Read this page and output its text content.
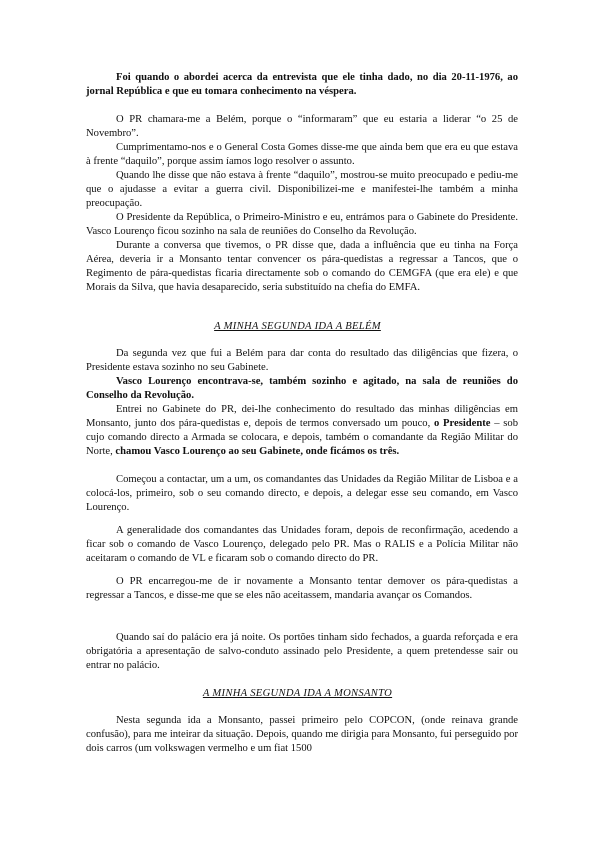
Foi quando o abordei acerca da entrevista que ele tinha dado, no dia 20-11-1976, ao jornal República e que eu tomara conhecimento na véspera.

O PR chamara-me a Belém, porque o “informaram” que eu estaria a liderar “o 25 de Novembro”.

Cumprimentamo-nos e o General Costa Gomes disse-me que ainda bem que era eu que estava à frente “daquilo”, porque assim íamos logo resolver o assunto.

Quando lhe disse que não estava à frente “daquilo”, mostrou-se muito preocupado e pediu-me que o ajudasse a evitar a guerra civil. Disponibilizei-me e manifestei-lhe também a minha preocupação.

O Presidente da República, o Primeiro-Ministro e eu, entrámos para o Gabinete do Presidente. Vasco Lourenço ficou sozinho na sala de reuniões do Conselho da Revolução.

Durante a conversa que tivemos, o PR disse que, dada a influência que eu tinha na Força Aérea, deveria ir a Monsanto tentar convencer os pára-quedistas a regressar a Tancos, que o Regimento de pára-quedistas ficaria directamente sob o comando do CEMGFA (que era ele) e que Morais da Silva, que havia desaparecido, seria substituído na chefia do EMFA.

A MINHA SEGUNDA IDA A BELÉM

Da segunda vez que fui a Belém para dar conta do resultado das diligências que fizera, o Presidente estava sozinho no seu Gabinete.

Vasco Lourenço encontrava-se, também sozinho e agitado, na sala de reuniões do Conselho da Revolução.

Entrei no Gabinete do PR, dei-lhe conhecimento do resultado das minhas diligências em Monsanto, junto dos pára-quedistas e, depois de termos conversado um pouco, o Presidente – sob cujo comando directo a Armada se colocara, e depois, também o comandante da Região Militar do Norte, chamou Vasco Lourenço ao seu Gabinete, onde ficámos os três.

Começou a contactar, um a um, os comandantes das Unidades da Região Militar de Lisboa e a colocá-los, primeiro, sob o seu comando directo, e depois, a delegar esse seu comando, em Vasco Lourenço.

A generalidade dos comandantes das Unidades foram, depois de reconfirmação, acedendo a ficar sob o comando de Vasco Lourenço, delegado pelo PR. Mas o RALIS e a Polícia Militar não aceitaram o comando de VL e ficaram sob o comando directo do PR.

O PR encarregou-me de ir novamente a Monsanto tentar demover os pára-quedistas a regressar a Tancos, e disse-me que se eles não aceitassem, mandaria avançar os Comandos.

Quando saí do palácio era já noite. Os portões tinham sido fechados, a guarda reforçada e era obrigatória a apresentação de salvo-conduto assinado pelo Presidente, a quem pretendesse sair ou entrar no palácio.

A MINHA SEGUNDA IDA A MONSANTO

Nesta segunda ida a Monsanto, passei primeiro pelo COPCON, (onde reinava grande confusão), para me inteirar da situação. Depois, quando me dirigia para Monsanto, fui perseguido por dois carros (um volkswagen vermelho e um fiat 1500
